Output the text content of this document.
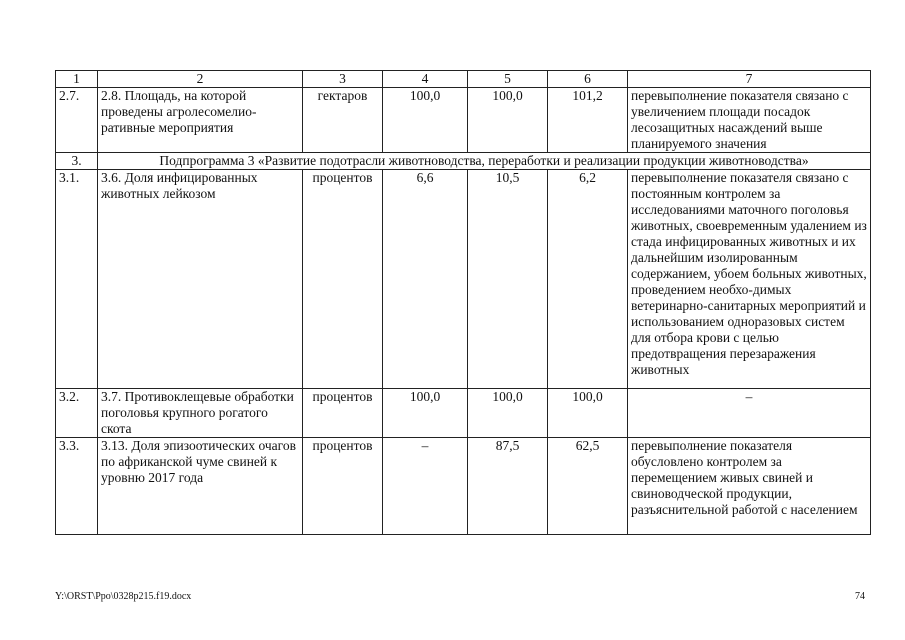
1	2	3	4	5	6	7
2.7.	2.8. Площадь, на которой проведены агролесомелио-ративные мероприятия	гектаров	100,0	100,0	101,2	перевыполнение показателя связано с увеличением площади посадок лесозащитных насаждений выше планируемого значения
3.	Подпрограмма 3 «Развитие подотрасли животноводства, переработки и реализации продукции животноводства»					
3.1.	3.6. Доля инфицированных животных лейкозом	процентов	6,6	10,5	6,2	перевыполнение показателя связано с постоянным контролем за исследованиями маточного поголовья животных, своевременным удалением из стада инфицированных животных и их дальнейшим изолированным содержанием, убоем больных животных, проведением необхо-димых ветеринарно-санитарных мероприятий и использованием одноразовых систем для отбора крови с целью предотвращения перезаражения животных
3.2.	3.7. Противоклещевые обработки поголовья крупного рогатого скота	процентов	100,0	100,0	100,0	–
3.3.	3.13. Доля эпизоотических очагов по африканской чуме свиней к уровню 2017 года	процентов	–	87,5	62,5	перевыполнение показателя обусловлено контролем за перемещением живых свиней и свиноводческой продукции, разъяснительной работой с населением
Y:\ORST\Ppo\0328p215.f19.docx	74
